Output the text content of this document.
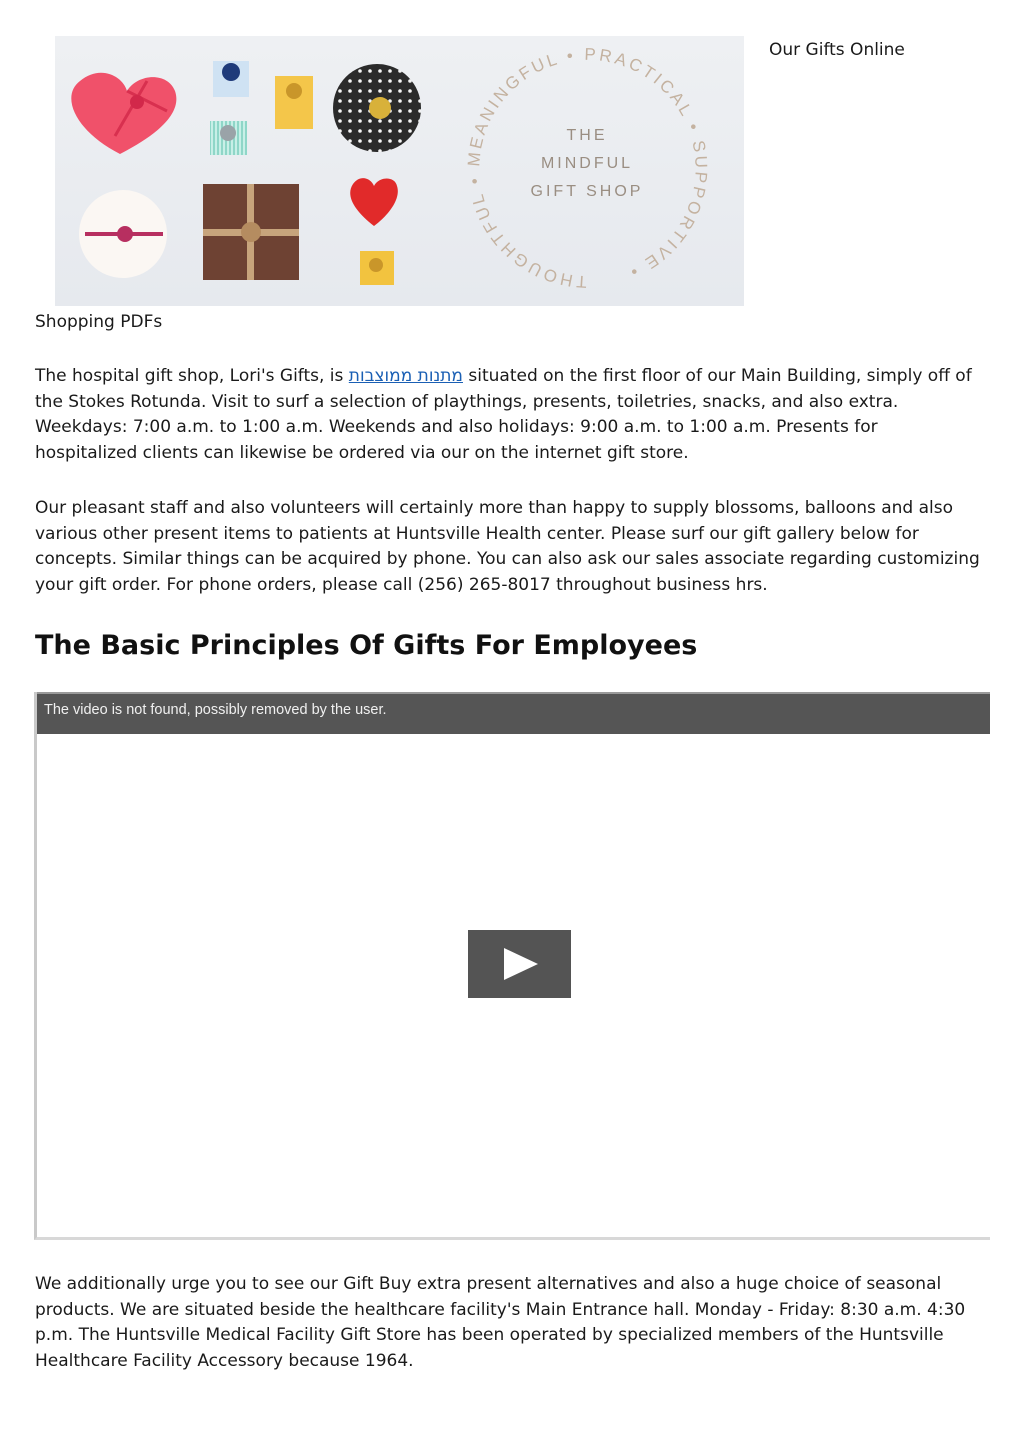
THOUGHTFUL • MEANINGFUL • PRACTICAL • SUPPORTIVE •
THE
MINDFUL
GIFT SHOP
Our Gifts Online
Shopping PDFs

The hospital gift shop, Lori's Gifts, is מתנות ממוצבות situated on the first floor of our Main Building, simply off of the Stokes Rotunda. Visit to surf a selection of playthings, presents, toiletries, snacks, and also extra. Weekdays: 7:00 a.m. to 1:00 a.m. Weekends and also holidays: 9:00 a.m. to 1:00 a.m. Presents for hospitalized clients can likewise be ordered via our on the internet gift store.

Our pleasant staff and also volunteers will certainly more than happy to supply blossoms, balloons and also various other present items to patients at Huntsville Health center. Please surf our gift gallery below for concepts. Similar things can be acquired by phone. You can also ask our sales associate regarding customizing your gift order. For phone orders, please call (256) 265-8017 throughout business hrs.

The Basic Principles Of Gifts For Employees
The video is not found, possibly removed by the user.

We additionally urge you to see our Gift Buy extra present alternatives and also a huge choice of seasonal products. We are situated beside the healthcare facility's Main Entrance hall. Monday - Friday: 8:30 a.m. 4:30 p.m. The Huntsville Medical Facility Gift Store has been operated by specialized members of the Huntsville Healthcare Facility Accessory because 1964.
